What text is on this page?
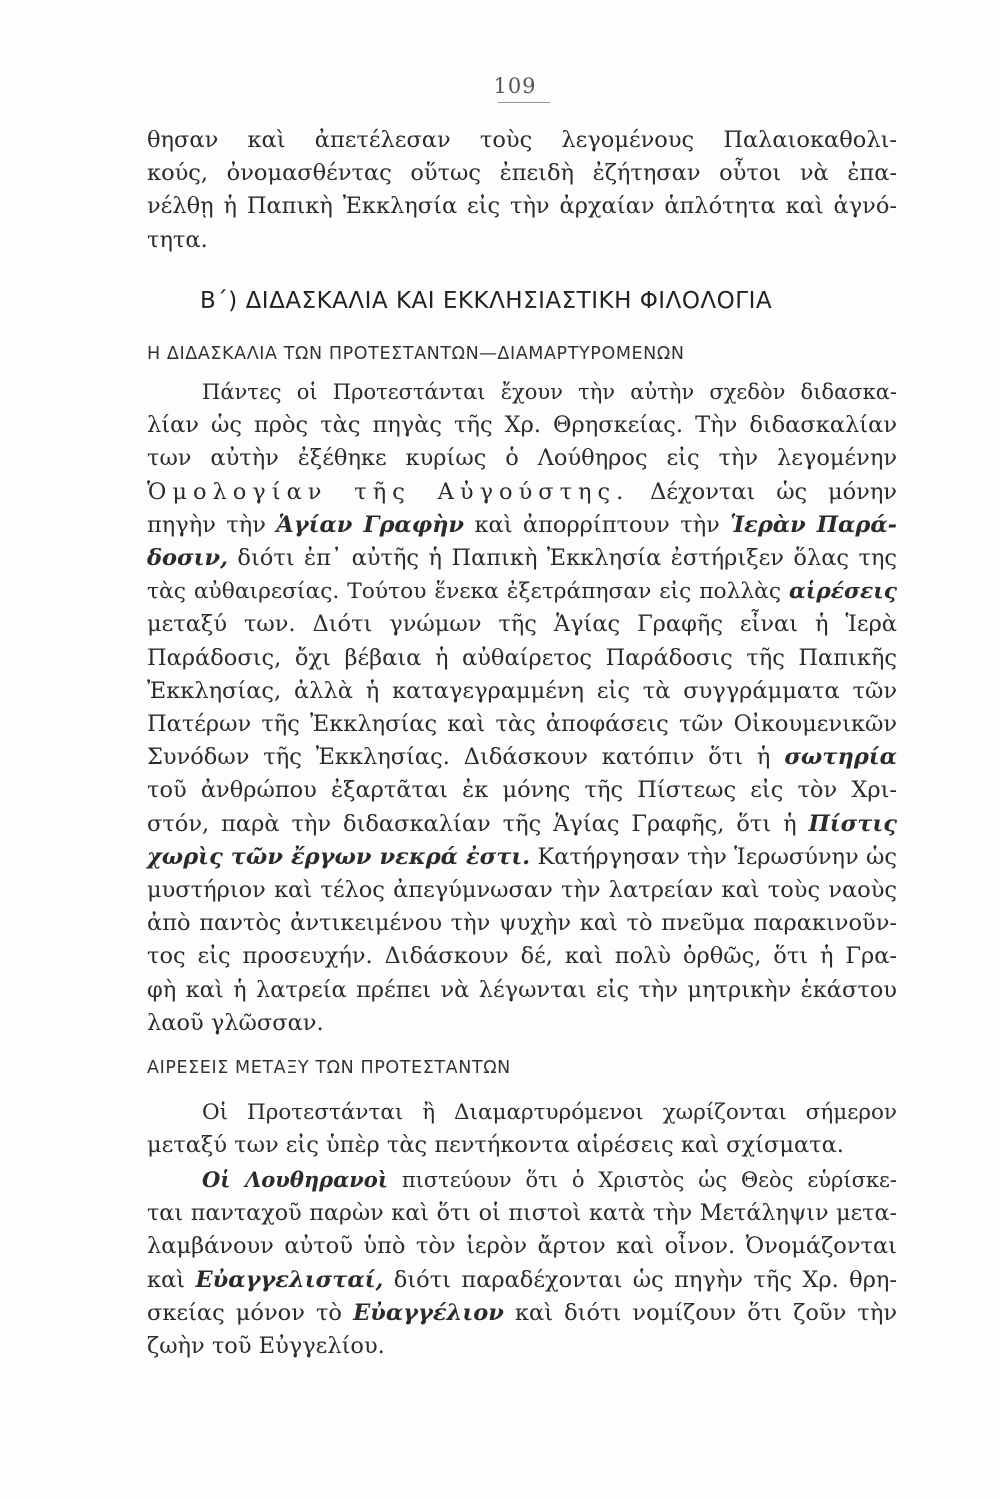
109
θησαν καὶ ἀπετέλεσαν τοὺς λεγομένους Παλαιοκαθολι-
κούς, ὀνομασθέντας οὕτως ἐπειδὴ ἐζήτησαν οὗτοι νὰ ἐπα-
νέλθῃ ἡ Παπικὴ Ἐκκλησία εἰς τὴν ἀρχαίαν ἁπλότητα καὶ ἁγνό-
τητα.
Β΄) ΔΙΔΑΣΚΑΛΙΑ ΚΑΙ ΕΚΚΛΗΣΙΑΣΤΙΚΗ ΦΙΛΟΛΟΓΙΑ
Η ΔΙΔΑΣΚΑΛΙΑ ΤΩΝ ΠΡΟΤΕΣΤΑΝΤΩΝ—ΔΙΑΜΑΡΤΥΡΟΜΕΝΩΝ
Πάντες οἱ Προτεστάνται ἔχουν τὴν αὐτὴν σχεδὸν διδασκα-
λίαν ὡς πρὸς τὰς πηγὰς τῆς Χρ. Θρησκείας. Τὴν διδασκαλίαν
των αὐτὴν ἐξέθηκε κυρίως ὁ Λούθηρος εἰς τὴν λεγομένην
Ὁμολογίαν τῆς Αὐγούστης. Δέχονται ὡς μόνην
πηγὴν τὴν Ἁγίαν Γραφὴν καὶ ἀπορρίπτουν τὴν Ἱερὰν Παρά-
δοσιν, διότι ἐπ᾽ αὐτῆς ἡ Παπικὴ Ἐκκλησία ἐστήριξεν ὅλας της
τὰς αὐθαιρεσίας. Τούτου ἕνεκα ἐξετράπησαν εἰς πολλὰς αἱρέσεις
μεταξύ των. Διότι γνώμων τῆς Ἁγίας Γραφῆς εἶναι ἡ Ἱερὰ
Παράδοσις, ὄχι βέβαια ἡ αὐθαίρετος Παράδοσις τῆς Παπικῆς
Ἐκκλησίας, ἀλλὰ ἡ καταγεγραμμένη εἰς τὰ συγγράμματα τῶν
Πατέρων τῆς Ἐκκλησίας καὶ τὰς ἀποφάσεις τῶν Οἰκουμενικῶν
Συνόδων τῆς Ἐκκλησίας. Διδάσκουν κατόπιν ὅτι ἡ σωτηρία
τοῦ ἀνθρώπου ἐξαρτᾶται ἐκ μόνης τῆς Πίστεως εἰς τὸν Χρι-
στόν, παρὰ τὴν διδασκαλίαν τῆς Ἁγίας Γραφῆς, ὅτι ἡ Πίστις
χωρὶς τῶν ἔργων νεκρά ἐστι. Κατήργησαν τὴν Ἱερωσύνην ὡς
μυστήριον καὶ τέλος ἀπεγύμνωσαν τὴν λατρείαν καὶ τοὺς ναοὺς
ἀπὸ παντὸς ἀντικειμένου τὴν ψυχὴν καὶ τὸ πνεῦμα παρακινοῦν-
τος εἰς προσευχήν. Διδάσκουν δέ, καὶ πολὺ ὀρθῶς, ὅτι ἡ Γρα-
φὴ καὶ ἡ λατρεία πρέπει νὰ λέγωνται εἰς τὴν μητρικὴν ἑκάστου
λαοῦ γλῶσσαν.
ΑΙΡΕΣΕΙΣ ΜΕΤΑΞΥ ΤΩΝ ΠΡΟΤΕΣΤΑΝΤΩΝ
Οἱ Προτεστάνται ἢ Διαμαρτυρόμενοι χωρίζονται σήμερον
μεταξύ των εἰς ὑπὲρ τὰς πεντήκοντα αἱρέσεις καὶ σχίσματα.
Οἱ Λουθηρανοὶ πιστεύουν ὅτι ὁ Χριστὸς ὡς Θεὸς εὑρίσκε-
ται πανταχοῦ παρὼν καὶ ὅτι οἱ πιστοὶ κατὰ τὴν Μετάληψιν μετα-
λαμβάνουν αὐτοῦ ὑπὸ τὸν ἱερὸν ἄρτον καὶ οἶνον. Ὀνομάζονται
καὶ Εὐαγγελισταί, διότι παραδέχονται ὡς πηγὴν τῆς Χρ. θρη-
σκείας μόνον τὸ Εὐαγγέλιον καὶ διότι νομίζουν ὅτι ζοῦν τὴν
ζωὴν τοῦ Εὐγγελίου.
